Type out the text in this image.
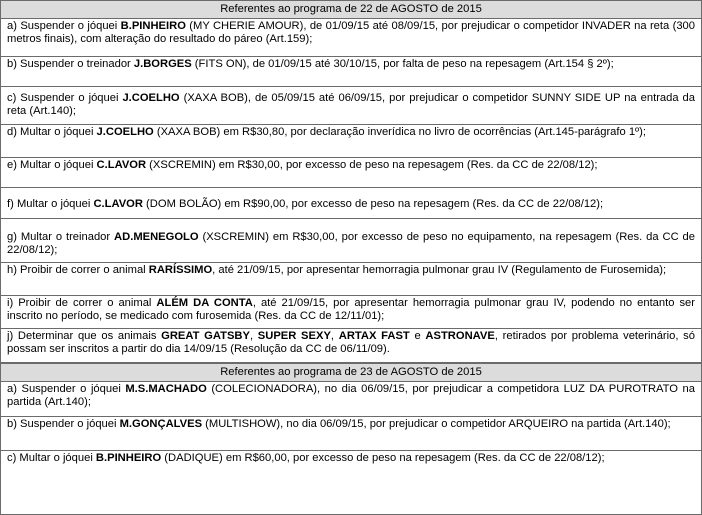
Referentes ao programa de 22 de AGOSTO de 2015
a) Suspender o jóquei B.PINHEIRO (MY CHERIE AMOUR), de 01/09/15 até 08/09/15, por prejudicar o competidor INVADER na reta (300 metros finais), com alteração do resultado do páreo (Art.159);
b) Suspender o treinador J.BORGES (FITS ON), de 01/09/15 até 30/10/15, por falta de peso na repesagem (Art.154 § 2º);
c) Suspender o jóquei J.COELHO (XAXA BOB), de 05/09/15 até 06/09/15, por prejudicar o competidor SUNNY SIDE UP na entrada da reta (Art.140);
d) Multar o jóquei J.COELHO (XAXA BOB) em R$30,80, por declaração inverídica no livro de ocorrências (Art.145-parágrafo 1º);
e) Multar o jóquei C.LAVOR (XSCREMIN) em R$30,00, por excesso de peso na repesagem (Res. da CC de 22/08/12);
f) Multar o jóquei C.LAVOR (DOM BOLÃO) em R$90,00, por excesso de peso na repesagem (Res. da CC de 22/08/12);
g) Multar o treinador AD.MENEGOLO (XSCREMIN) em R$30,00, por excesso de peso no equipamento, na repesagem (Res. da CC de 22/08/12);
h) Proibir de correr o animal RARÍSSIMO, até 21/09/15, por apresentar hemorragia pulmonar grau IV (Regulamento de Furosemida);
i) Proibir de correr o animal ALÉM DA CONTA, até 21/09/15, por apresentar hemorragia pulmonar grau IV, podendo no entanto ser inscrito no período, se medicado com furosemida (Res. da CC de 12/11/01);
j) Determinar que os animais GREAT GATSBY, SUPER SEXY, ARTAX FAST e ASTRONAVE, retirados por problema veterinário, só possam ser inscritos a partir do dia 14/09/15 (Resolução da CC de 06/11/09).
Referentes ao programa de 23 de AGOSTO de 2015
a) Suspender o jóquei M.S.MACHADO (COLECIONADORA), no dia 06/09/15, por prejudicar a competidora LUZ DA PUROTRATO na partida (Art.140);
b) Suspender o jóquei M.GONÇALVES (MULTISHOW), no dia 06/09/15, por prejudicar o competidor ARQUEIRO na partida (Art.140);
c) Multar o jóquei B.PINHEIRO (DADIQUE) em R$60,00, por excesso de peso na repesagem (Res. da CC de 22/08/12);
